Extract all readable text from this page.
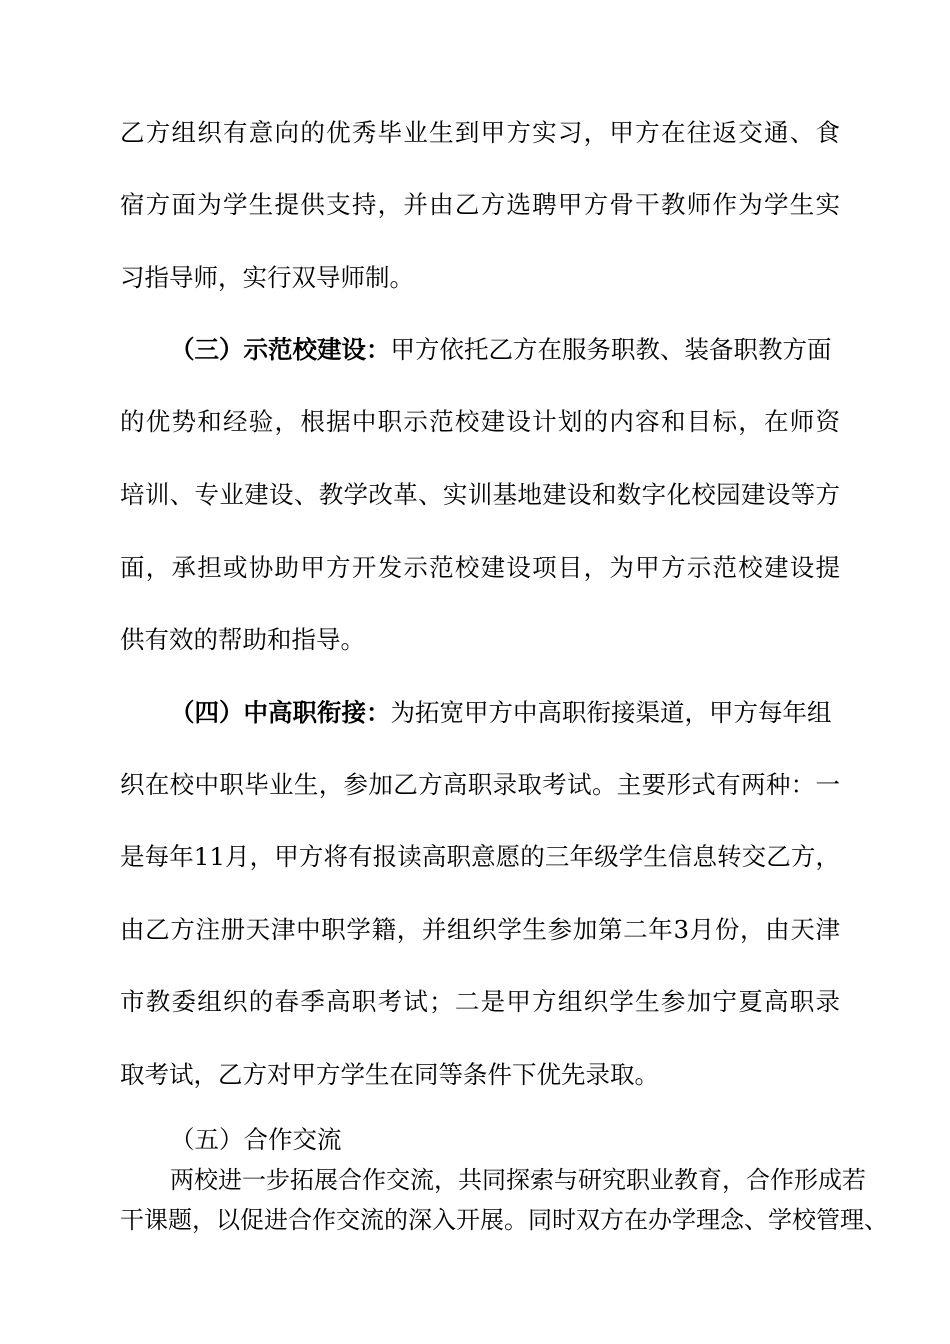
乙方组织有意向的优秀毕业生到甲方实习，甲方在往返交通、食
宿方面为学生提供支持，并由乙方选聘甲方骨干教师作为学生实
习指导师，实行双导师制。
（三）示范校建设：甲方依托乙方在服务职教、装备职教方面
的优势和经验，根据中职示范校建设计划的内容和目标，在师资
培训、专业建设、教学改革、实训基地建设和数字化校园建设等方
面，承担或协助甲方开发示范校建设项目，为甲方示范校建设提
供有效的帮助和指导。
（四）中高职衔接：为拓宽甲方中高职衔接渠道，甲方每年组
织在校中职毕业生，参加乙方高职录取考试。主要形式有两种：一
是每年11月，甲方将有报读高职意愿的三年级学生信息转交乙方，
由乙方注册天津中职学籍，并组织学生参加第二年3月份，由天津
市教委组织的春季高职考试；二是甲方组织学生参加宁夏高职录
取考试，乙方对甲方学生在同等条件下优先录取。
（五）合作交流
两校进一步拓展合作交流，共同探索与研究职业教育，合作形成若
干课题，以促进合作交流的深入开展。同时双方在办学理念、学校管理、
